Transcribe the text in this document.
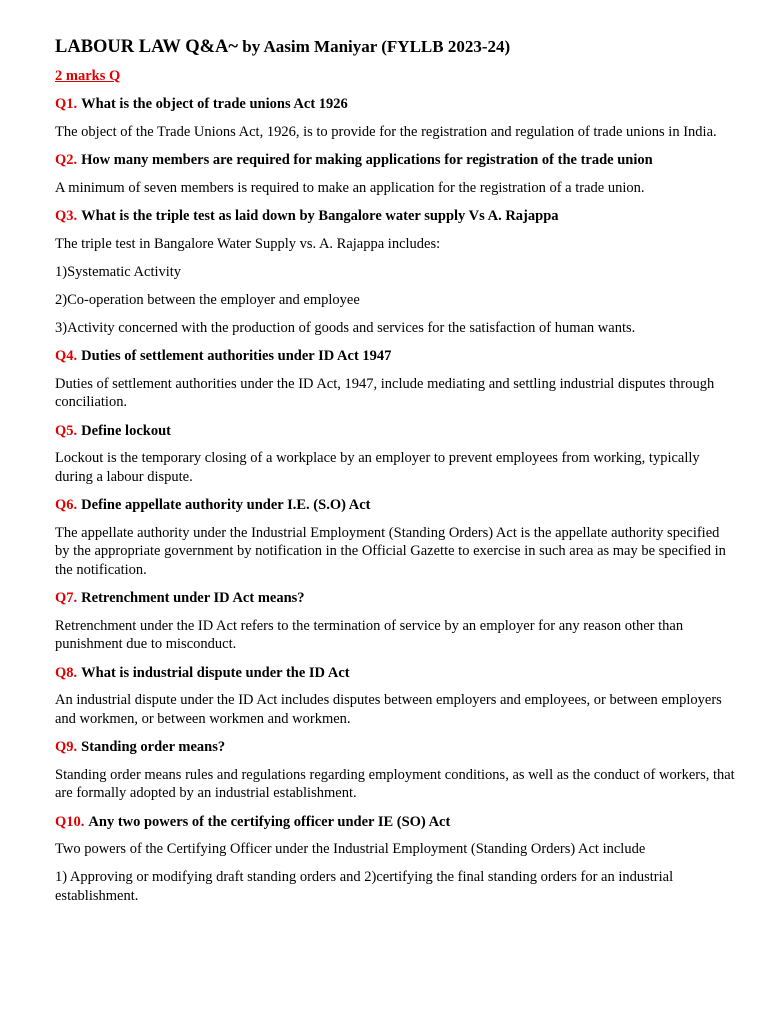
LABOUR LAW Q&A~ by Aasim Maniyar (FYLLB 2023-24)
2 marks Q
Q1. What is the object of trade unions Act 1926

The object of the Trade Unions Act, 1926, is to provide for the registration and regulation of trade unions in India.

Q2. How many members are required for making applications for registration of the trade union

A minimum of seven members is required to make an application for the registration of a trade union.

Q3. What is the triple test as laid down by Bangalore water supply Vs A. Rajappa

The triple test in Bangalore Water Supply vs. A. Rajappa includes:

1)Systematic Activity

2)Co-operation between the employer and employee

3)Activity concerned with the production of goods and services for the satisfaction of human wants.

Q4. Duties of settlement authorities under ID Act 1947

Duties of settlement authorities under the ID Act, 1947, include mediating and settling industrial disputes through conciliation.

Q5. Define lockout

Lockout is the temporary closing of a workplace by an employer to prevent employees from working, typically during a labour dispute.

Q6. Define appellate authority under I.E. (S.O) Act

The appellate authority under the Industrial Employment (Standing Orders) Act is the appellate authority specified by the appropriate government by notification in the Official Gazette to exercise in such area as may be specified in the notification.

Q7. Retrenchment under ID Act means?

Retrenchment under the ID Act refers to the termination of service by an employer for any reason other than punishment due to misconduct.

Q8. What is industrial dispute under the ID Act

An industrial dispute under the ID Act includes disputes between employers and employees, or between employers and workmen, or between workmen and workmen.

Q9. Standing order means?

Standing order means rules and regulations regarding employment conditions, as well as the conduct of workers, that are formally adopted by an industrial establishment.

Q10. Any two powers of the certifying officer under IE (SO) Act

Two powers of the Certifying Officer under the Industrial Employment (Standing Orders) Act include

1) Approving or modifying draft standing orders and 2)certifying the final standing orders for an industrial establishment.
